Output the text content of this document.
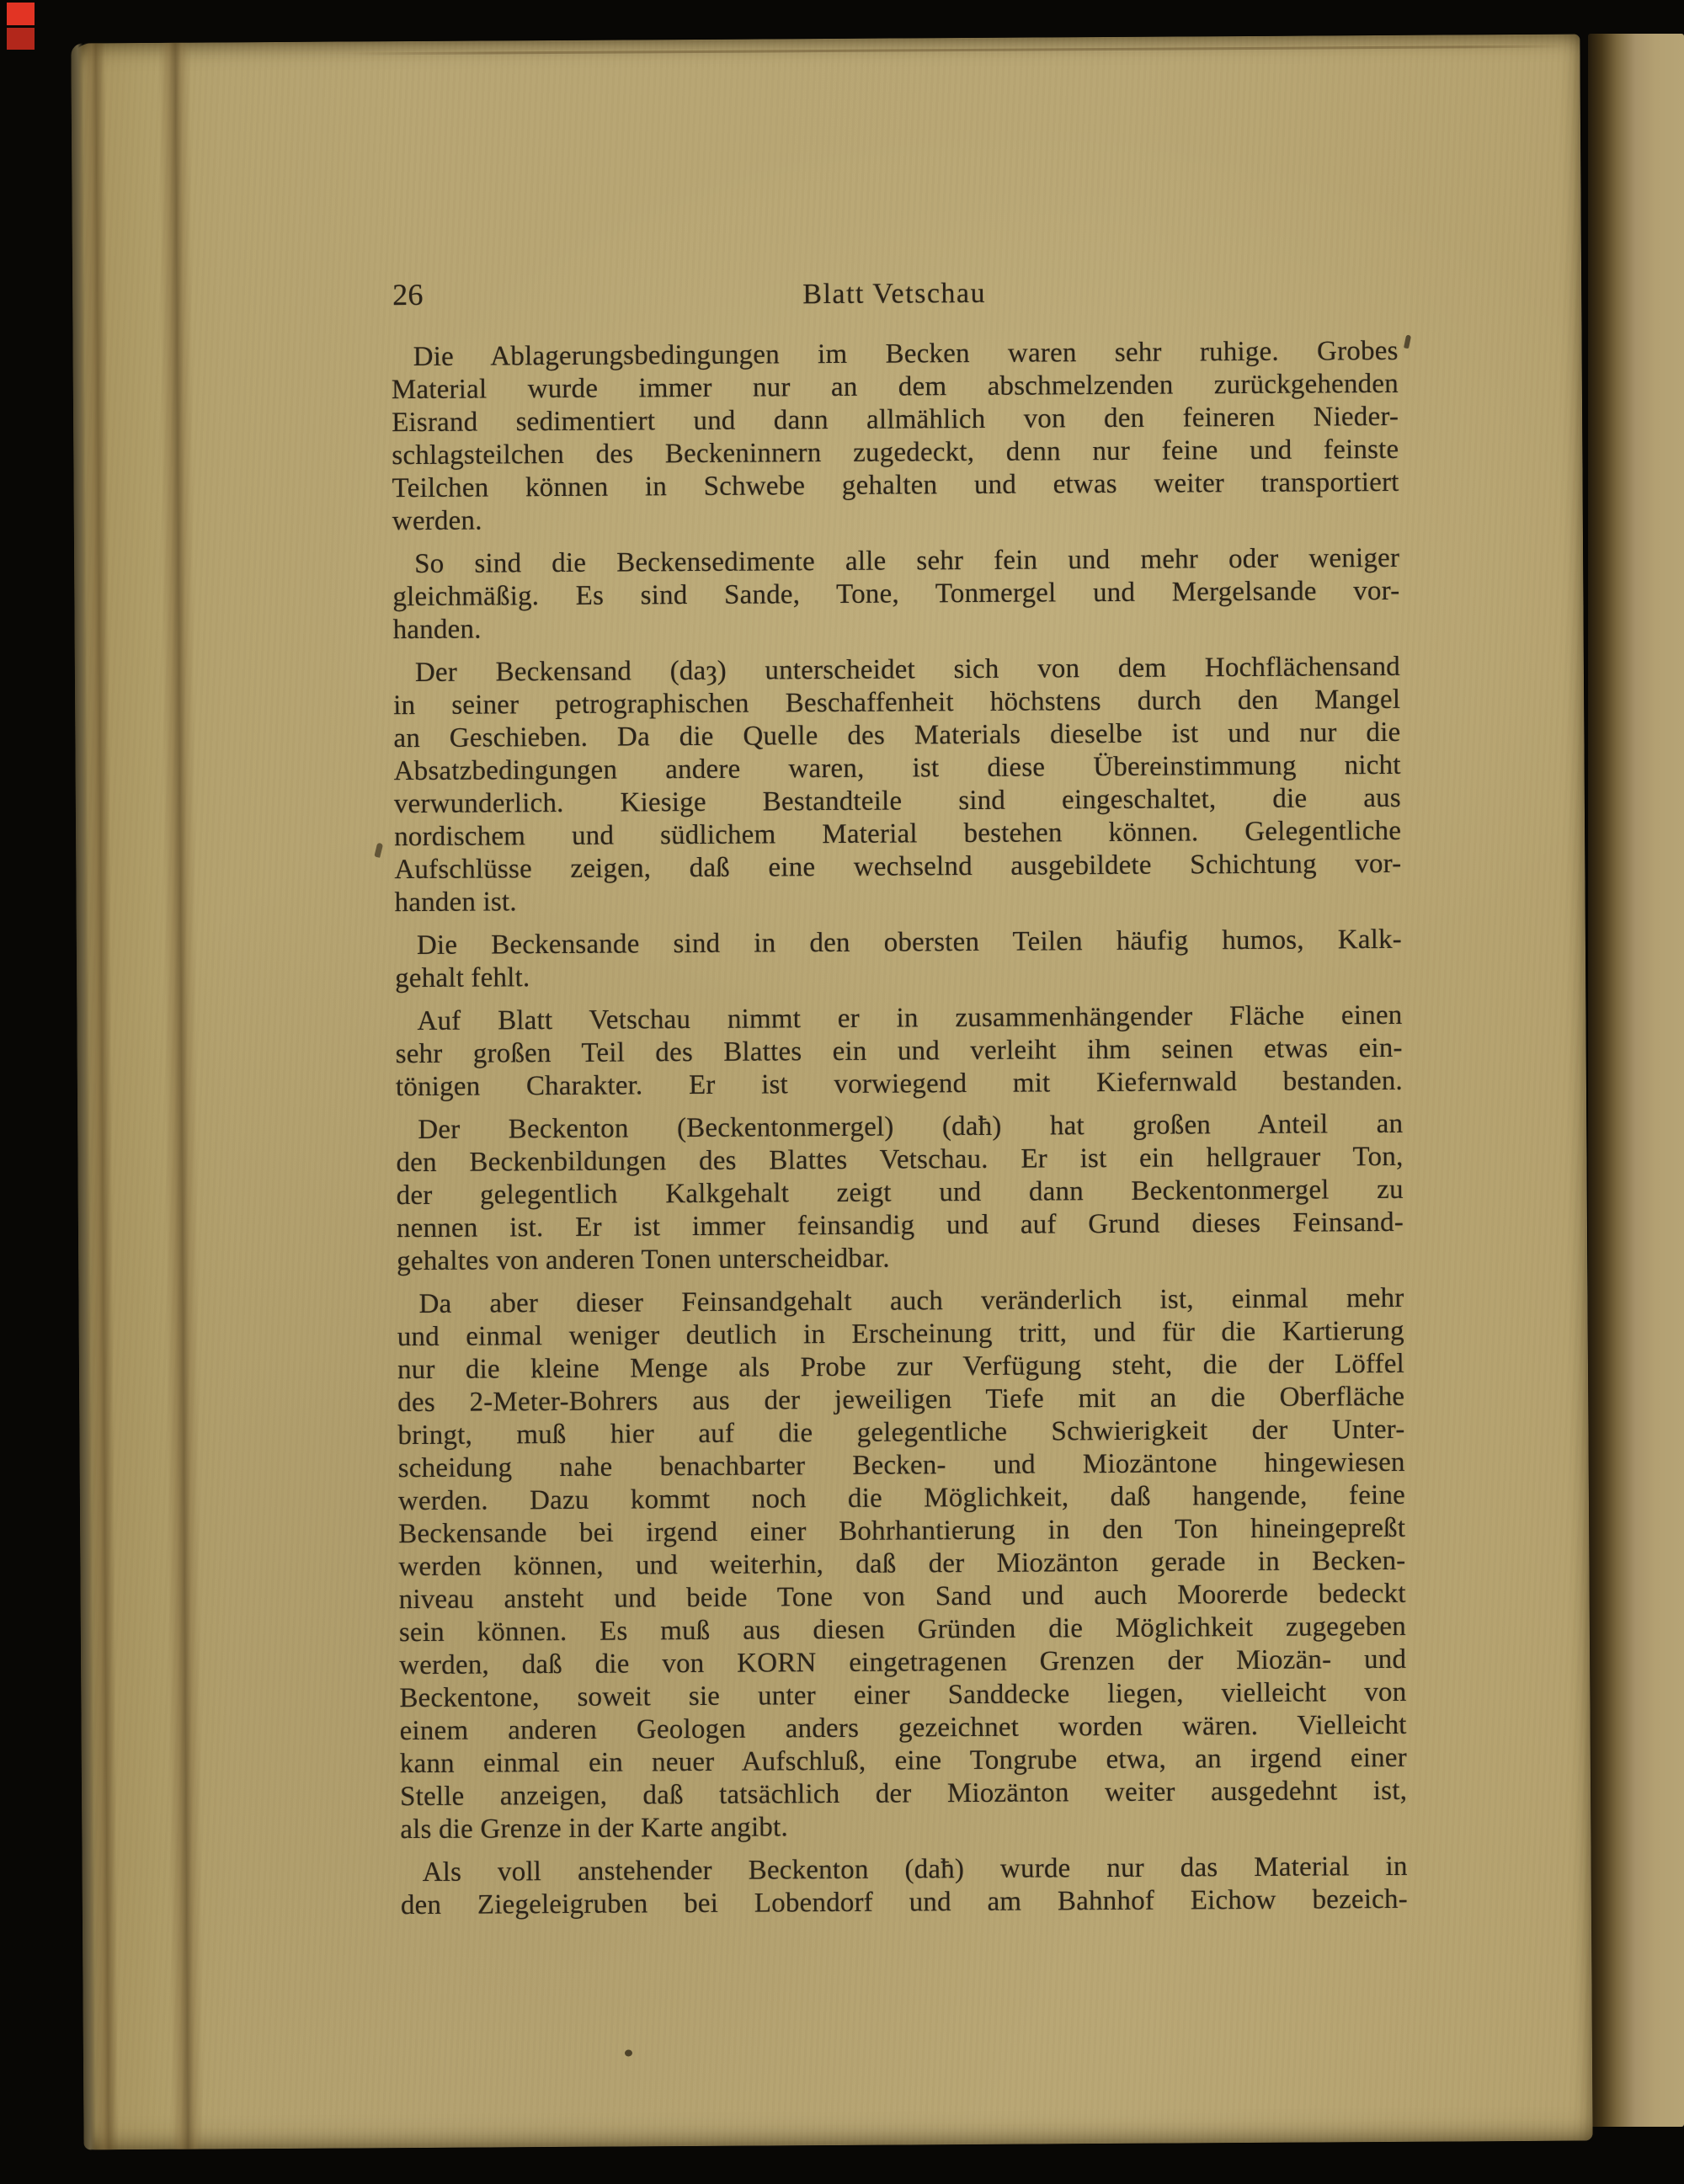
26	Blatt Vetschau
Die Ablagerungsbedingungen im Becken waren sehr ruhige. Grobes
Material wurde immer nur an dem abschmelzenden zurückgehenden
Eisrand sedimentiert und dann allmählich von den feineren Nieder-
schlagsteilchen des Beckeninnern zugedeckt, denn nur feine und feinste
Teilchen können in Schwebe gehalten und etwas weiter transportiert
werden.
So sind die Beckensedimente alle sehr fein und mehr oder weniger
gleichmäßig. Es sind Sande, Tone, Tonmergel und Mergelsande vor-
handen.
Der Beckensand (daȝ) unterscheidet sich von dem Hochflächensand
in seiner petrographischen Beschaffenheit höchstens durch den Mangel
an Geschieben. Da die Quelle des Materials dieselbe ist und nur die
Absatzbedingungen andere waren, ist diese Übereinstimmung nicht
verwunderlich. Kiesige Bestandteile sind eingeschaltet, die aus
nordischem und südlichem Material bestehen können. Gelegentliche
Aufschlüsse zeigen, daß eine wechselnd ausgebildete Schichtung vor-
handen ist.
Die Beckensande sind in den obersten Teilen häufig humos, Kalk-
gehalt fehlt.
Auf Blatt Vetschau nimmt er in zusammenhängender Fläche einen
sehr großen Teil des Blattes ein und verleiht ihm seinen etwas ein-
tönigen Charakter. Er ist vorwiegend mit Kiefernwald bestanden.
Der Beckenton (Beckentonmergel) (daħ) hat großen Anteil an
den Beckenbildungen des Blattes Vetschau. Er ist ein hellgrauer Ton,
der gelegentlich Kalkgehalt zeigt und dann Beckentonmergel zu
nennen ist. Er ist immer feinsandig und auf Grund dieses Feinsand-
gehaltes von anderen Tonen unterscheidbar.
Da aber dieser Feinsandgehalt auch veränderlich ist, einmal mehr
und einmal weniger deutlich in Erscheinung tritt, und für die Kartierung
nur die kleine Menge als Probe zur Verfügung steht, die der Löffel
des 2-Meter-Bohrers aus der jeweiligen Tiefe mit an die Oberfläche
bringt, muß hier auf die gelegentliche Schwierigkeit der Unter-
scheidung nahe benachbarter Becken- und Miozäntone hingewiesen
werden. Dazu kommt noch die Möglichkeit, daß hangende, feine
Beckensande bei irgend einer Bohrhantierung in den Ton hineingepreßt
werden können, und weiterhin, daß der Miozänton gerade in Becken-
niveau ansteht und beide Tone von Sand und auch Moorerde bedeckt
sein können. Es muß aus diesen Gründen die Möglichkeit zugegeben
werden, daß die von KORN eingetragenen Grenzen der Miozän- und
Beckentone, soweit sie unter einer Sanddecke liegen, vielleicht von
einem anderen Geologen anders gezeichnet worden wären. Vielleicht
kann einmal ein neuer Aufschluß, eine Tongrube etwa, an irgend einer
Stelle anzeigen, daß tatsächlich der Miozänton weiter ausgedehnt ist,
als die Grenze in der Karte angibt.
Als voll anstehender Beckenton (daħ) wurde nur das Material in
den Ziegeleigruben bei Lobendorf und am Bahnhof Eichow bezeich-
